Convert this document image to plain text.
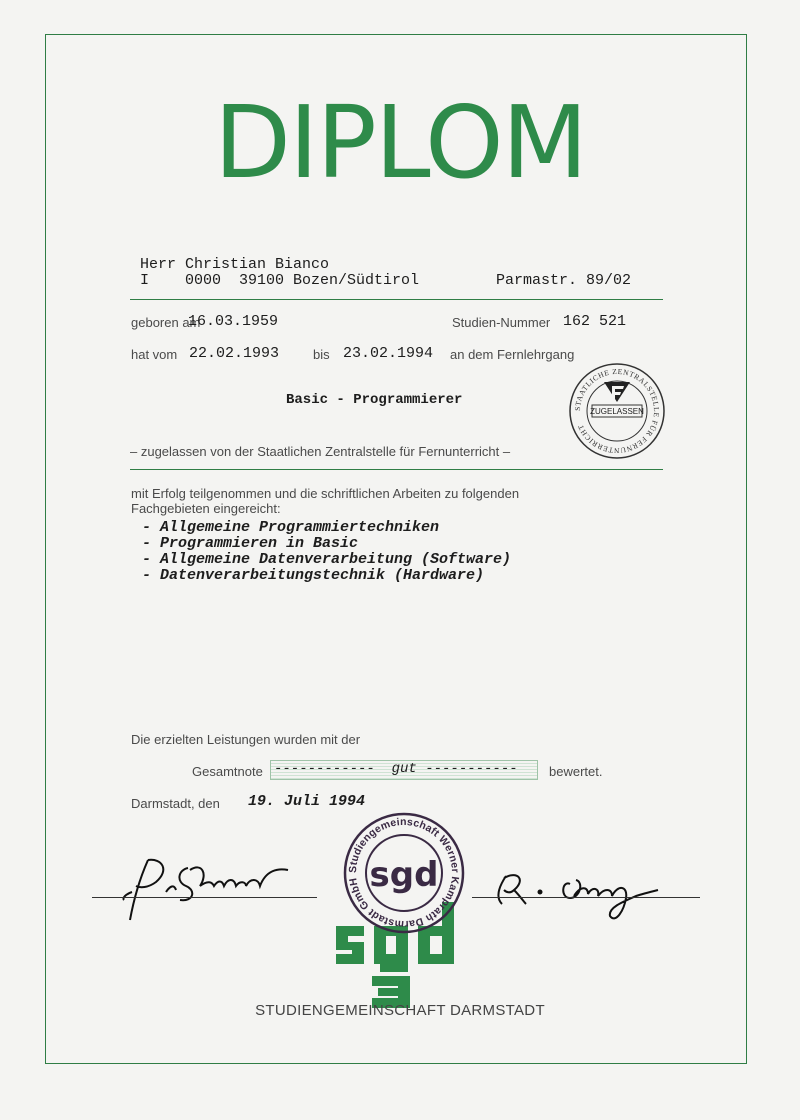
DIPLOM
Herr Christian Bianco
I    0000  39100 Bozen/Südtirol	Parmastr. 89/02
geboren am
16.03.1959	Studien-Nummer 162 521
hat vom 22.02.1993	bis 23.02.1994 an dem Fernlehrgang
Basic - Programmierer
STAATLICHE ZENTRALSTELLE FÜR FERNUNTERRICHT
ZUGELASSEN
– zugelassen von der Staatlichen Zentralstelle für Fernunterricht –
mit Erfolg teilgenommen und die schriftlichen Arbeiten zu folgenden
Fachgebieten eingereicht:
- Allgemeine Programmiertechniken
- Programmieren in Basic
- Allgemeine Datenverarbeitung (Software)
- Datenverarbeitungstechnik (Hardware)
Die erzielten Leistungen wurden mit der
Gesamtnote ------------  gut ----------- bewertet.
Darmstadt, den 19. Juli 1994
Studiengemeinschaft Werner Kamprath Darmstadt GmbH sgd
STUDIENGEMEINSCHAFT DARMSTADT
